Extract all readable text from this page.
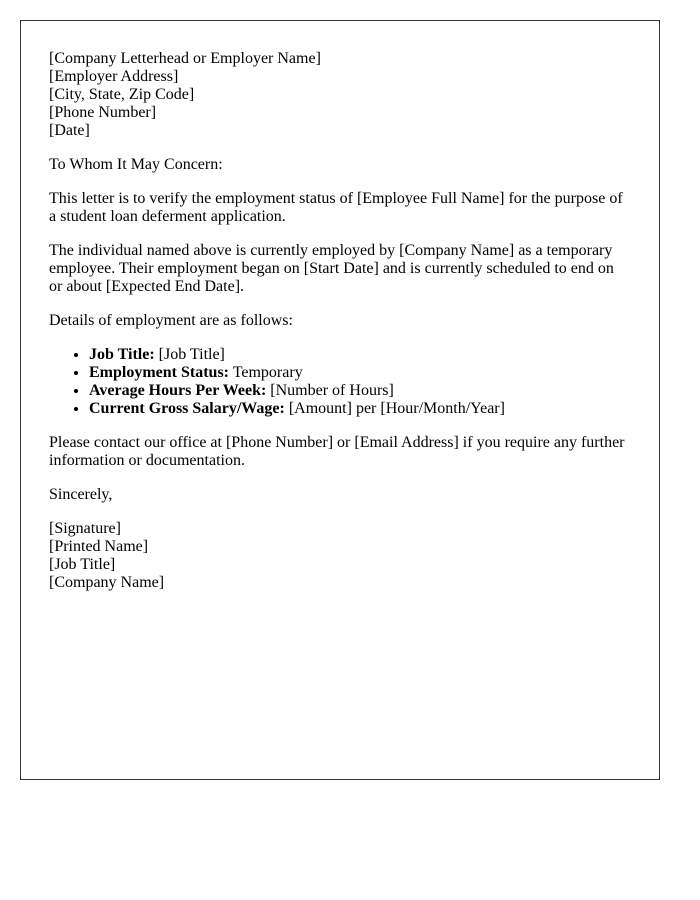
[Company Letterhead or Employer Name]
[Employer Address]
[City, State, Zip Code]
[Phone Number]
[Date]

To Whom It May Concern:

This letter is to verify the employment status of [Employee Full Name] for the purpose of a student loan deferment application.

The individual named above is currently employed by [Company Name] as a temporary employee. Their employment began on [Start Date] and is currently scheduled to end on or about [Expected End Date].

Details of employment are as follows:

• Job Title: [Job Title]
• Employment Status: Temporary
• Average Hours Per Week: [Number of Hours]
• Current Gross Salary/Wage: [Amount] per [Hour/Month/Year]

Please contact our office at [Phone Number] or [Email Address] if you require any further information or documentation.

Sincerely,

[Signature]
[Printed Name]
[Job Title]
[Company Name]
